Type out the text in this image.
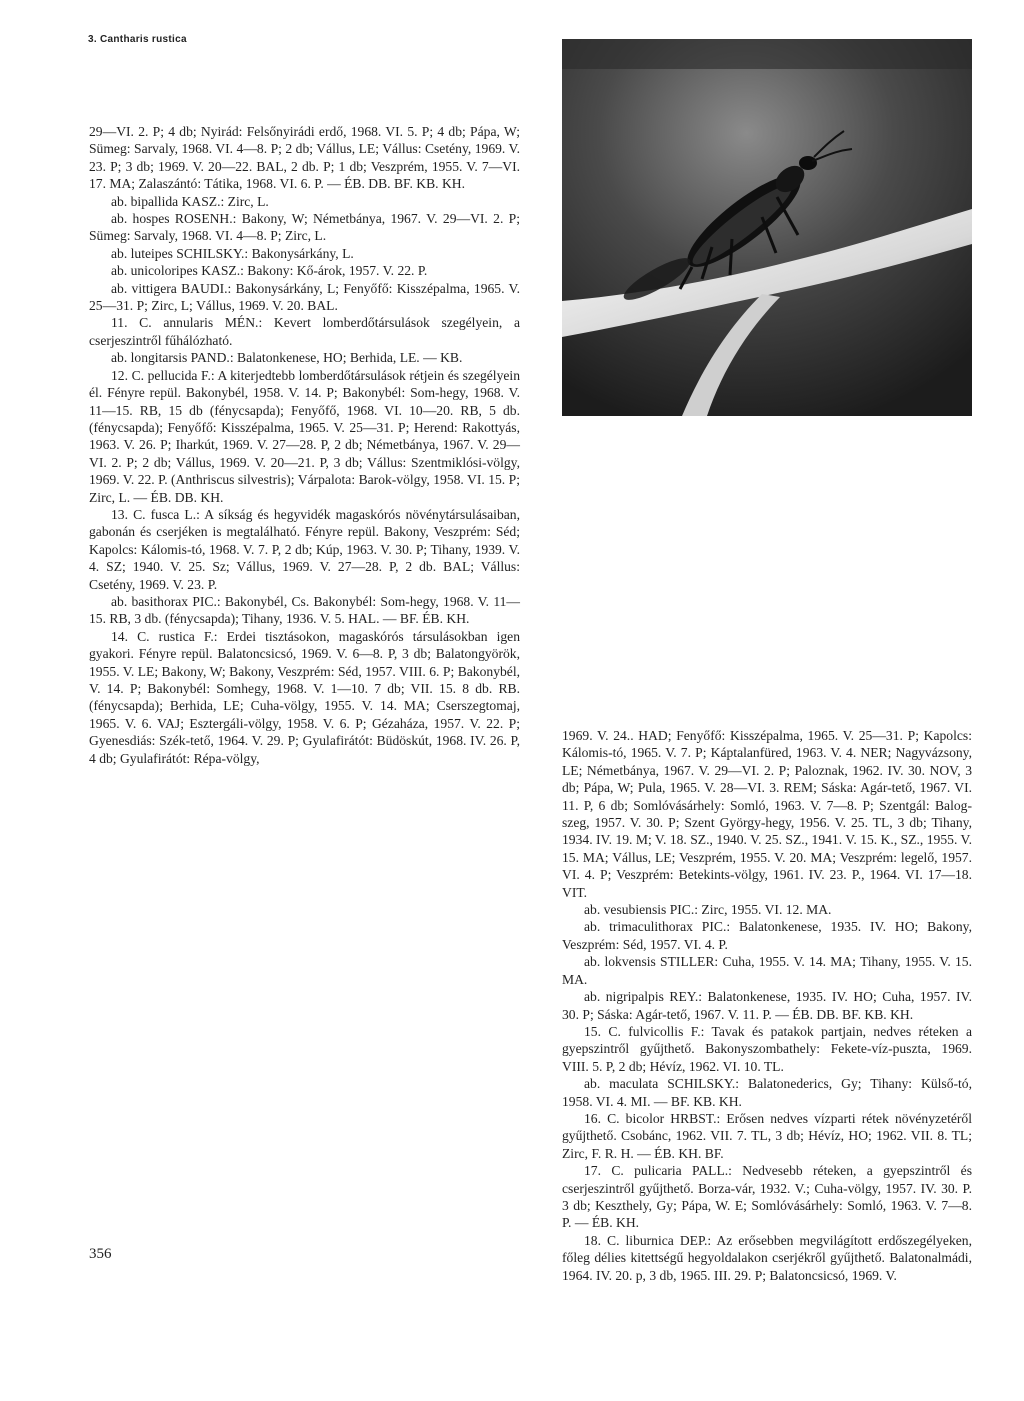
3. Cantharis rustica

29—VI. 2. P; 4 db; Nyirád: Felsőnyirádi erdő, 1968. VI. 5. P; 4 db; Pápa, W; Sümeg: Sarvaly, 1968. VI. 4—8. P; 2 db; Vállus, LE; Vállus: Csetény, 1969. V. 23. P; 3 db; 1969. V. 20—22. BAL, 2 db. P; 1 db; Veszprém, 1955. V. 7—VI. 17. MA; Zalaszántó: Tátika, 1968. VI. 6. P. — ÉB. DB. BF. KB. KH.

ab. bipallida KASZ.: Zirc, L.

ab. hospes ROSENH.: Bakony, W; Németbánya, 1967. V. 29—VI. 2. P; Sümeg: Sarvaly, 1968. VI. 4—8. P; Zirc, L.

ab. luteipes SCHILSKY.: Bakonysárkány, L.

ab. unicoloripes KASZ.: Bakony: Kő-árok, 1957. V. 22. P.

ab. vittigera BAUDI.: Bakonysárkány, L; Fenyőfő: Kisszépalma, 1965. V. 25—31. P; Zirc, L; Vállus, 1969. V. 20. BAL.

11. C. annularis MÉN.: Kevert lomberdőtársulások szegélyein, a cserjeszintről fűhálózható.

ab. longitarsis PAND.: Balatonkenese, HO; Berhida, LE. — KB.

12. C. pellucida F.: A kiterjedtebb lomberdőtársulások rétjein és szegélyein él. Fényre repül. Bakonybél, 1958. V. 14. P; Bakonybél: Som-hegy, 1968. V. 11—15. RB, 15 db (fénycsapda); Fenyőfő, 1968. VI. 10—20. RB, 5 db. (fénycsapda); Fenyőfő: Kisszépalma, 1965. V. 25—31. P; Herend: Rakottyás, 1963. V. 26. P; Iharkút, 1969. V. 27—28. P, 2 db; Németbánya, 1967. V. 29—VI. 2. P; 2 db; Vállus, 1969. V. 20—21. P, 3 db; Vállus: Szentmiklósi-völgy, 1969. V. 22. P. (Anthriscus silvestris); Várpalota: Barok-völgy, 1958. VI. 15. P; Zirc, L. — ÉB. DB. KH.

13. C. fusca L.: A síkság és hegyvidék magaskórós növénytársulásaiban, gabonán és cserjéken is megtalálható. Fényre repül. Bakony, Veszprém: Séd; Kapolcs: Kálomis-tó, 1968. V. 7. P, 2 db; Kúp, 1963. V. 30. P; Tihany, 1939. V. 4. SZ; 1940. V. 25. Sz; Vállus, 1969. V. 27—28. P, 2 db. BAL; Vállus: Csetény, 1969. V. 23. P.

ab. basithorax PIC.: Bakonybél, Cs. Bakonybél: Som-hegy, 1968. V. 11—15. RB, 3 db. (fénycsapda); Tihany, 1936. V. 5. HAL. — BF. ÉB. KH.

14. C. rustica F.: Erdei tisztásokon, magaskórós társulásokban igen gyakori. Fényre repül. Balatoncsicsó, 1969. V. 6—8. P, 3 db; Balatongyörök, 1955. V. LE; Bakony, W; Bakony, Veszprém: Séd, 1957. VIII. 6. P; Bakonybél, V. 14. P; Bakonybél: Somhegy, 1968. V. 1—10. 7 db; VII. 15. 8 db. RB. (fénycsapda); Berhida, LE; Cuha-völgy, 1955. V. 14. MA; Cserszegtomaj, 1965. V. 6. VAJ; Esztergáli-völgy, 1958. V. 6. P; Gézaháza, 1957. V. 22. P; Gyenesdiás: Szék-tető, 1964. V. 29. P; Gyulafirátót: Büdöskút, 1968. IV. 26. P, 4 db; Gyulafirátót: Répa-völgy,

1969. V. 24.. HAD; Fenyőfő: Kisszépalma, 1965. V. 25—31. P; Kapolcs: Kálomis-tó, 1965. V. 7. P; Káptalanfüred, 1963. V. 4. NER; Nagyvázsony, LE; Németbánya, 1967. V. 29—VI. 2. P; Paloznak, 1962. IV. 30. NOV, 3 db; Pápa, W; Pula, 1965. V. 28—VI. 3. REM; Sáska: Agár-tető, 1967. VI. 11. P, 6 db; Somlóvásárhely: Somló, 1963. V. 7—8. P; Szentgál: Balog-szeg, 1957. V. 30. P; Szent György-hegy, 1956. V. 25. TL, 3 db; Tihany, 1934. IV. 19. M; V. 18. SZ., 1940. V. 25. SZ., 1941. V. 15. K., SZ., 1955. V. 15. MA; Vállus, LE; Veszprém, 1955. V. 20. MA; Veszprém: legelő, 1957. VI. 4. P; Veszprém: Betekints-völgy, 1961. IV. 23. P., 1964. VI. 17—18. VIT.

ab. vesubiensis PIC.: Zirc, 1955. VI. 12. MA.

ab. trimaculithorax PIC.: Balatonkenese, 1935. IV. HO; Bakony, Veszprém: Séd, 1957. VI. 4. P.

ab. lokvensis STILLER: Cuha, 1955. V. 14. MA; Tihany, 1955. V. 15. MA.

ab. nigripalpis REY.: Balatonkenese, 1935. IV. HO; Cuha, 1957. IV. 30. P; Sáska: Agár-tető, 1967. V. 11. P. — ÉB. DB. BF. KB. KH.

15. C. fulvicollis F.: Tavak és patakok partjain, nedves réteken a gyepszintről gyűjthető. Bakonyszombathely: Fekete-víz-puszta, 1969. VIII. 5. P, 2 db; Hévíz, 1962. VI. 10. TL.

ab. maculata SCHILSKY.: Balatonederics, Gy; Tihany: Külső-tó, 1958. VI. 4. MI. — BF. KB. KH.

16. C. bicolor HRBST.: Erősen nedves vízparti rétek növényzetéről gyűjthető. Csobánc, 1962. VII. 7. TL, 3 db; Hévíz, HO; 1962. VII. 8. TL; Zirc, F. R. H. — ÉB. KH. BF.

17. C. pulicaria PALL.: Nedvesebb réteken, a gyepszintről és cserjeszintről gyűjthető. Borza-vár, 1932. V.; Cuha-völgy, 1957. IV. 30. P. 3 db; Keszthely, Gy; Pápa, W. E; Somlóvásárhely: Somló, 1963. V. 7—8. P. — ÉB. KH.

18. C. liburnica DEP.: Az erősebben megvilágított erdőszegélyeken, főleg délies kitettségű hegyoldalakon cserjékről gyűjthető. Balatonalmádi, 1964. IV. 20. p, 3 db, 1965. III. 29. P; Balatoncsicsó, 1969. V.

356
